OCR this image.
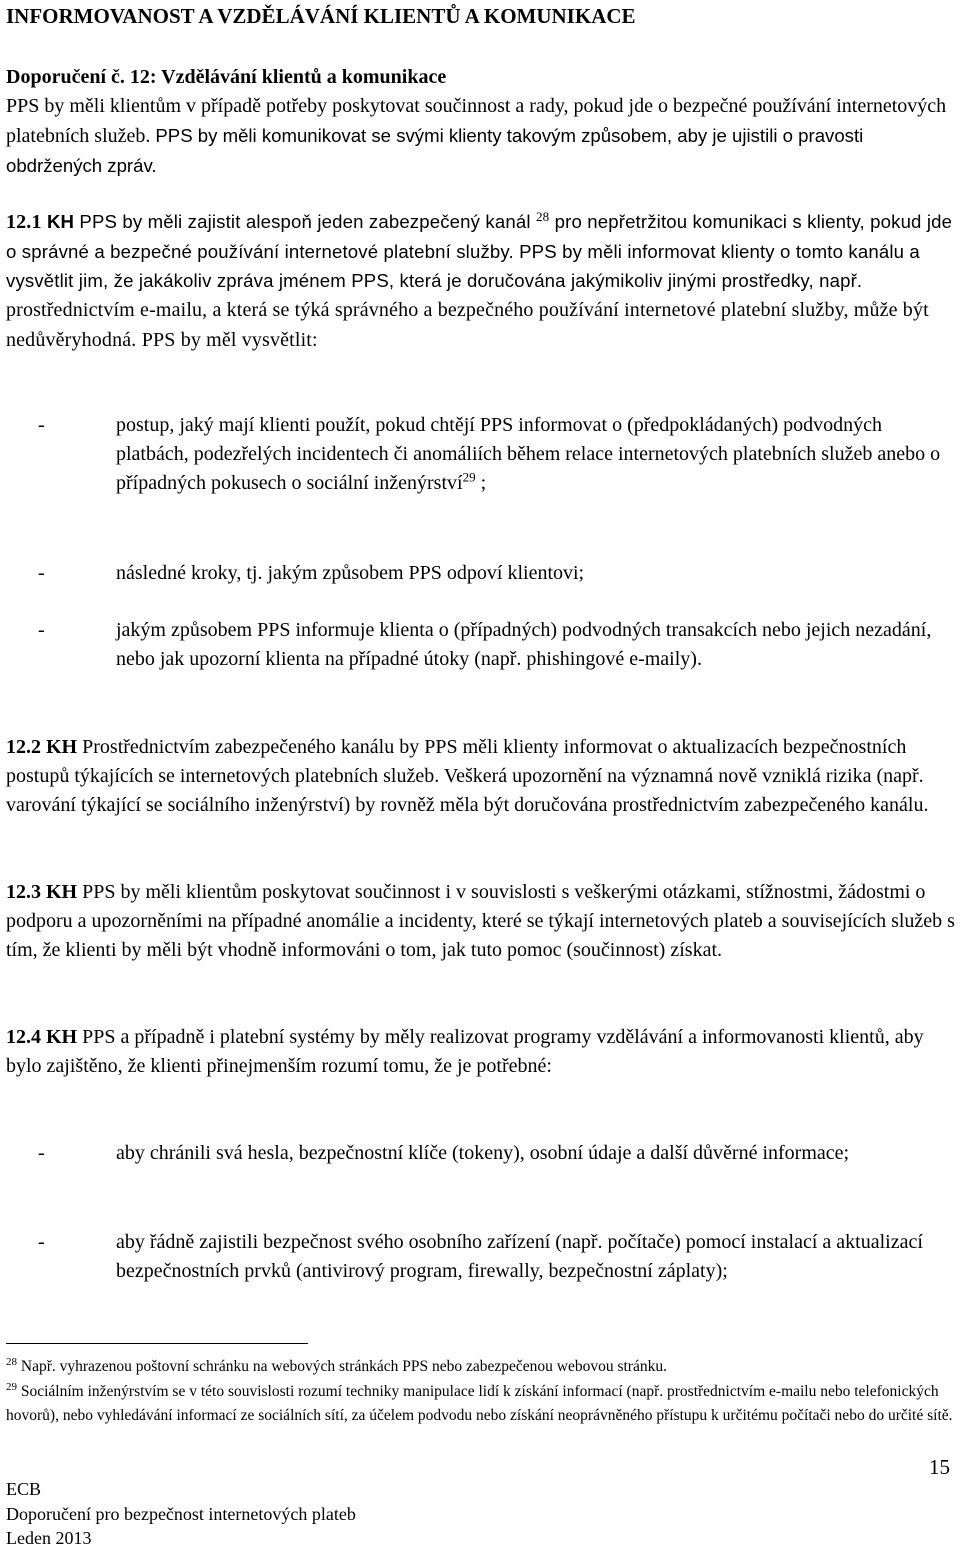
INFORMOVANOST A VZDĚLÁVÁNÍ KLIENTŮ A KOMUNIKACE
Doporučení č. 12: Vzdělávání klientů a komunikace
PPS by měli klientům v případě potřeby poskytovat součinnost a rady, pokud jde o bezpečné používání internetových platebních služeb. PPS by měli komunikovat se svými klienty takovým způsobem, aby je ujistili o pravosti obdržených zpráv.
12.1 KH PPS by měli zajistit alespoň jeden zabezpečený kanál $^{28}$ pro nepřetržitou komunikaci s klienty, pokud jde o správné a bezpečné používání internetové platební služby. PPS by měli informovat klienty o tomto kanálu a vysvětlit jim, že jakákoliv zpráva jménem PPS, která je doručována jakýmikoliv jinými prostředky, např. prostřednictvím e-mailu, a která se týká správného a bezpečného používání internetové platební služby, může být nedůvěryhodná. PPS by měl vysvětlit:
-	postup, jaký mají klienti použít, pokud chtějí PPS informovat o (předpokládaných) podvodných platbách, podezřelých incidentech či anomáliích během relace internetových platebních služeb anebo o případných pokusech o sociální inženýrství$^{29}$ ;
-	následné kroky, tj. jakým způsobem PPS odpoví klientovi;
-	jakým způsobem PPS informuje klienta o (případných) podvodných transakcích nebo jejich nezadání, nebo jak upozorní klienta na případné útoky (např. phishingové e-maily).
12.2 KH Prostřednictvím zabezpečeného kanálu by PPS měli klienty informovat o aktualizacích bezpečnostních postupů týkajících se internetových platebních služeb. Veškerá upozornění na významná nově vzniklá rizika (např. varování týkající se sociálního inženýrství) by rovněž měla být doručována prostřednictvím zabezpečeného kanálu.
12.3 KH PPS by měli klientům poskytovat součinnost i v souvislosti s veškerými otázkami, stížnostmi, žádostmi o podporu a upozorněními na případné anomálie a incidenty, které se týkají internetových plateb a souvisejících služeb s tím, že klienti by měli být vhodně informováni o tom, jak tuto pomoc (součinnost) získat.
12.4 KH PPS a případně i platební systémy by měly realizovat programy vzdělávání a informovanosti klientů, aby bylo zajištěno, že klienti přinejmenším rozumí tomu, že je potřebné:
-	aby chránili svá hesla, bezpečnostní klíče (tokeny), osobní údaje a další důvěrné informace;
-	aby řádně zajistili bezpečnost svého osobního zařízení (např. počítače) pomocí instalací a aktualizací bezpečnostních prvků (antivirový program, firewally, bezpečnostní záplaty);
$^{28}$ Např. vyhrazenou poštovní schránku na webových stránkách PPS nebo zabezpečenou webovou stránku.
$^{29}$ Sociálním inženýrstvím se v této souvislosti rozumí techniky manipulace lidí k získání informací (např. prostřednictvím e-mailu nebo telefonických hovorů), nebo vyhledávání informací ze sociálních sítí, za účelem podvodu nebo získání neoprávněného přístupu k určitému počítači nebo do určité sítě.
15
ECB
Doporučení pro bezpečnost internetových plateb
Leden 2013
